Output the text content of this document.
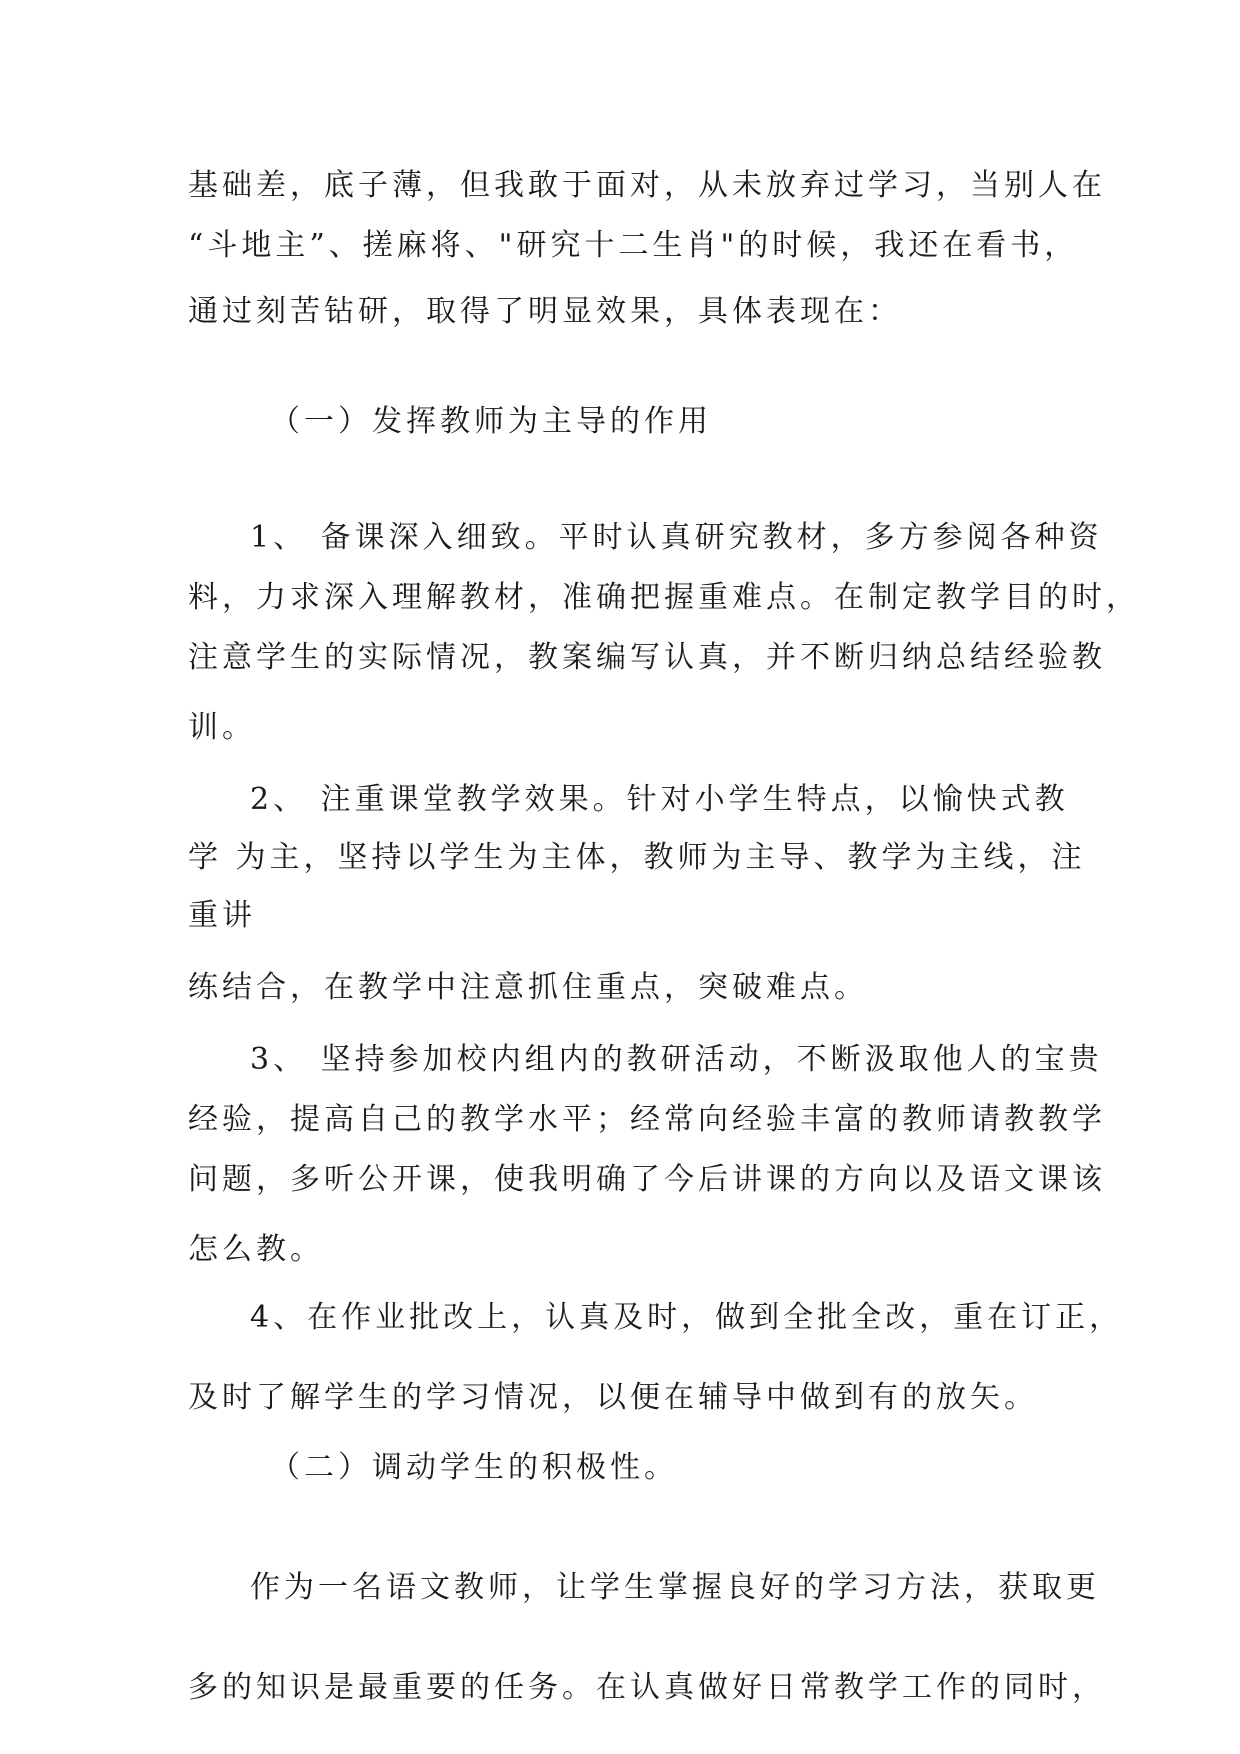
基础差，底子薄，但我敢于面对，从未放弃过学习，当别人在

“斗地主”、搓麻将、"研究十二生肖"的时候，我还在看书，

通过刻苦钻研，取得了明显效果，具体表现在：

（一）发挥教师为主导的作用

1、 备课深入细致。平时认真研究教材，多方参阅各种资

料，力求深入理解教材，准确把握重难点。在制定教学目的时，

注意学生的实际情况，教案编写认真，并不断归纳总结经验教

训。

2、 注重课堂教学效果。针对小学生特点，以愉快式教

学 为主，坚持以学生为主体，教师为主导、教学为主线，注

重讲

练结合，在教学中注意抓住重点，突破难点。

3、 坚持参加校内组内的教研活动，不断汲取他人的宝贵

经验，提高自己的教学水平；经常向经验丰富的教师请教教学

问题，多听公开课，使我明确了今后讲课的方向以及语文课该

怎么教。

4、在作业批改上，认真及时，做到全批全改，重在订正，

及时了解学生的学习情况，以便在辅导中做到有的放矢。

（二）调动学生的积极性。

作为一名语文教师，让学生掌握良好的学习方法，获取更

多的知识是最重要的任务。在认真做好日常教学工作的同时，
